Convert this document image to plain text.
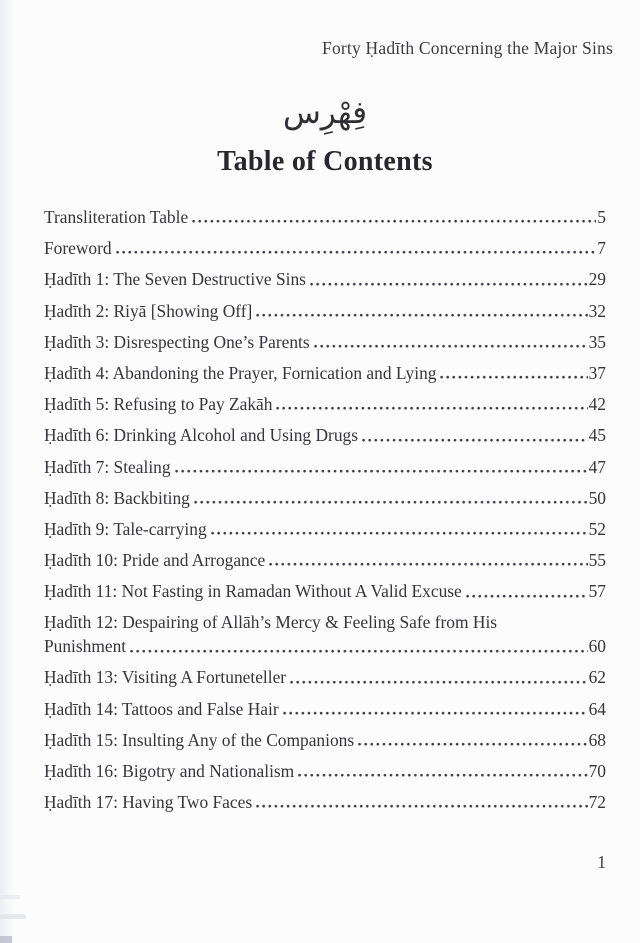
Forty Ḥadīth Concerning the Major Sins
فِهْرِس
Table of Contents
Transliteration Table	5
Foreword	7
Ḥadīth 1: The Seven Destructive Sins	29
Ḥadīth 2: Riyā [Showing Off]	32
Ḥadīth 3: Disrespecting One’s Parents	35
Ḥadīth 4: Abandoning the Prayer, Fornication and Lying	37
Ḥadīth 5: Refusing to Pay Zakāh	42
Ḥadīth 6: Drinking Alcohol and Using Drugs	45
Ḥadīth 7: Stealing	47
Ḥadīth 8: Backbiting	50
Ḥadīth 9: Tale-carrying	52
Ḥadīth 10: Pride and Arrogance	55
Ḥadīth 11: Not Fasting in Ramadan Without A Valid Excuse	57
Ḥadīth 12: Despairing of Allāh’s Mercy & Feeling Safe from His
Punishment	60
Ḥadīth 13: Visiting A Fortuneteller	62
Ḥadīth 14: Tattoos and False Hair	64
Ḥadīth 15: Insulting Any of the Companions	68
Ḥadīth 16: Bigotry and Nationalism	70
Ḥadīth 17: Having Two Faces	72
1
